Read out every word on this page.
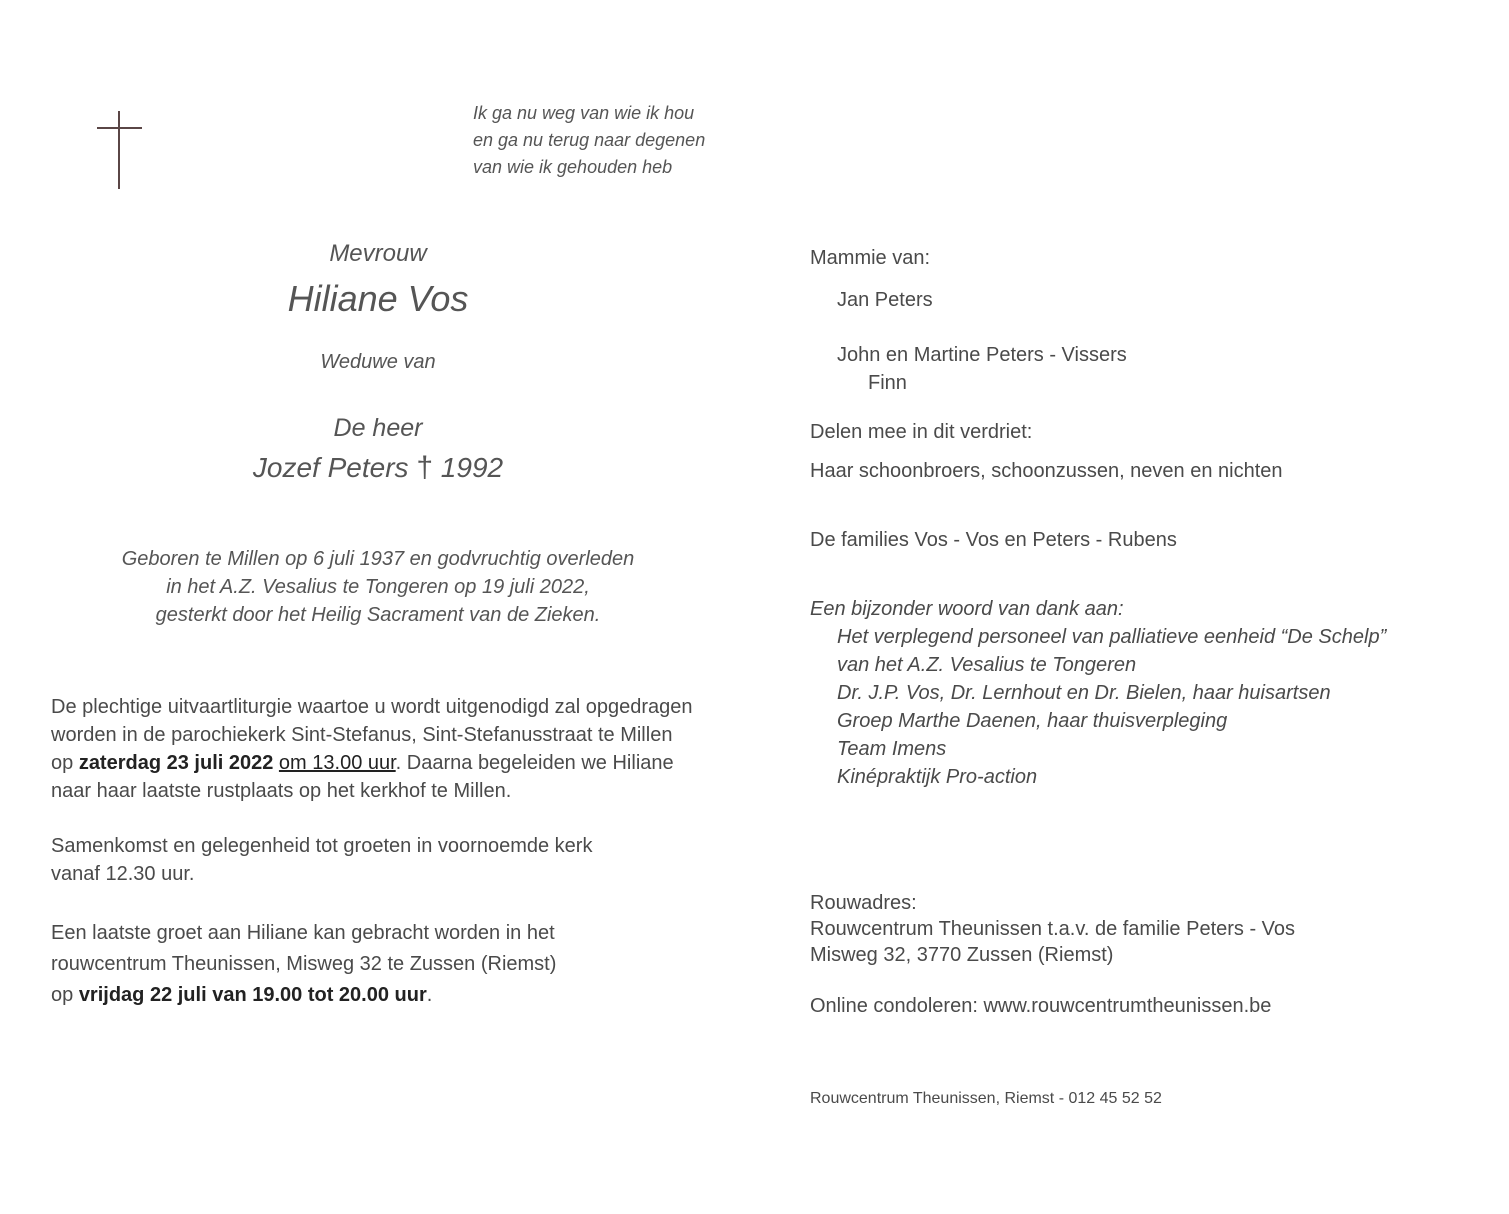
Ik ga nu weg van wie ik hou
en ga nu terug naar degenen
van wie ik gehouden heb
Mevrouw
Hiliane Vos
Weduwe van
De heer
Jozef Peters † 1992
Geboren te Millen op 6 juli 1937 en godvruchtig overleden
in het A.Z. Vesalius te Tongeren op 19 juli 2022,
gesterkt door het Heilig Sacrament van de Zieken.
De plechtige uitvaartliturgie waartoe u wordt uitgenodigd zal opgedragen
worden in de parochiekerk Sint-Stefanus, Sint-Stefanusstraat te Millen
op zaterdag 23 juli 2022 om 13.00 uur. Daarna begeleiden we Hiliane
naar haar laatste rustplaats op het kerkhof te Millen.
Samenkomst en gelegenheid tot groeten in voornoemde kerk
vanaf 12.30 uur.
Een laatste groet aan Hiliane kan gebracht worden in het
rouwcentrum Theunissen, Misweg 32 te Zussen (Riemst)
op vrijdag 22 juli van 19.00 tot 20.00 uur.
Mammie van:
Jan Peters
John en Martine Peters - Vissers
Finn
Delen mee in dit verdriet:
Haar schoonbroers, schoonzussen, neven en nichten
De families Vos - Vos en Peters - Rubens
Een bijzonder woord van dank aan:
Het verplegend personeel van palliatieve eenheid “De Schelp”
van het A.Z. Vesalius te Tongeren
Dr. J.P. Vos, Dr. Lernhout en Dr. Bielen, haar huisartsen
Groep Marthe Daenen, haar thuisverpleging
Team Imens
Kinépraktijk Pro-action
Rouwadres:
Rouwcentrum Theunissen t.a.v. de familie Peters - Vos
Misweg 32, 3770 Zussen (Riemst)
Online condoleren: www.rouwcentrumtheunissen.be
Rouwcentrum Theunissen, Riemst - 012 45 52 52
